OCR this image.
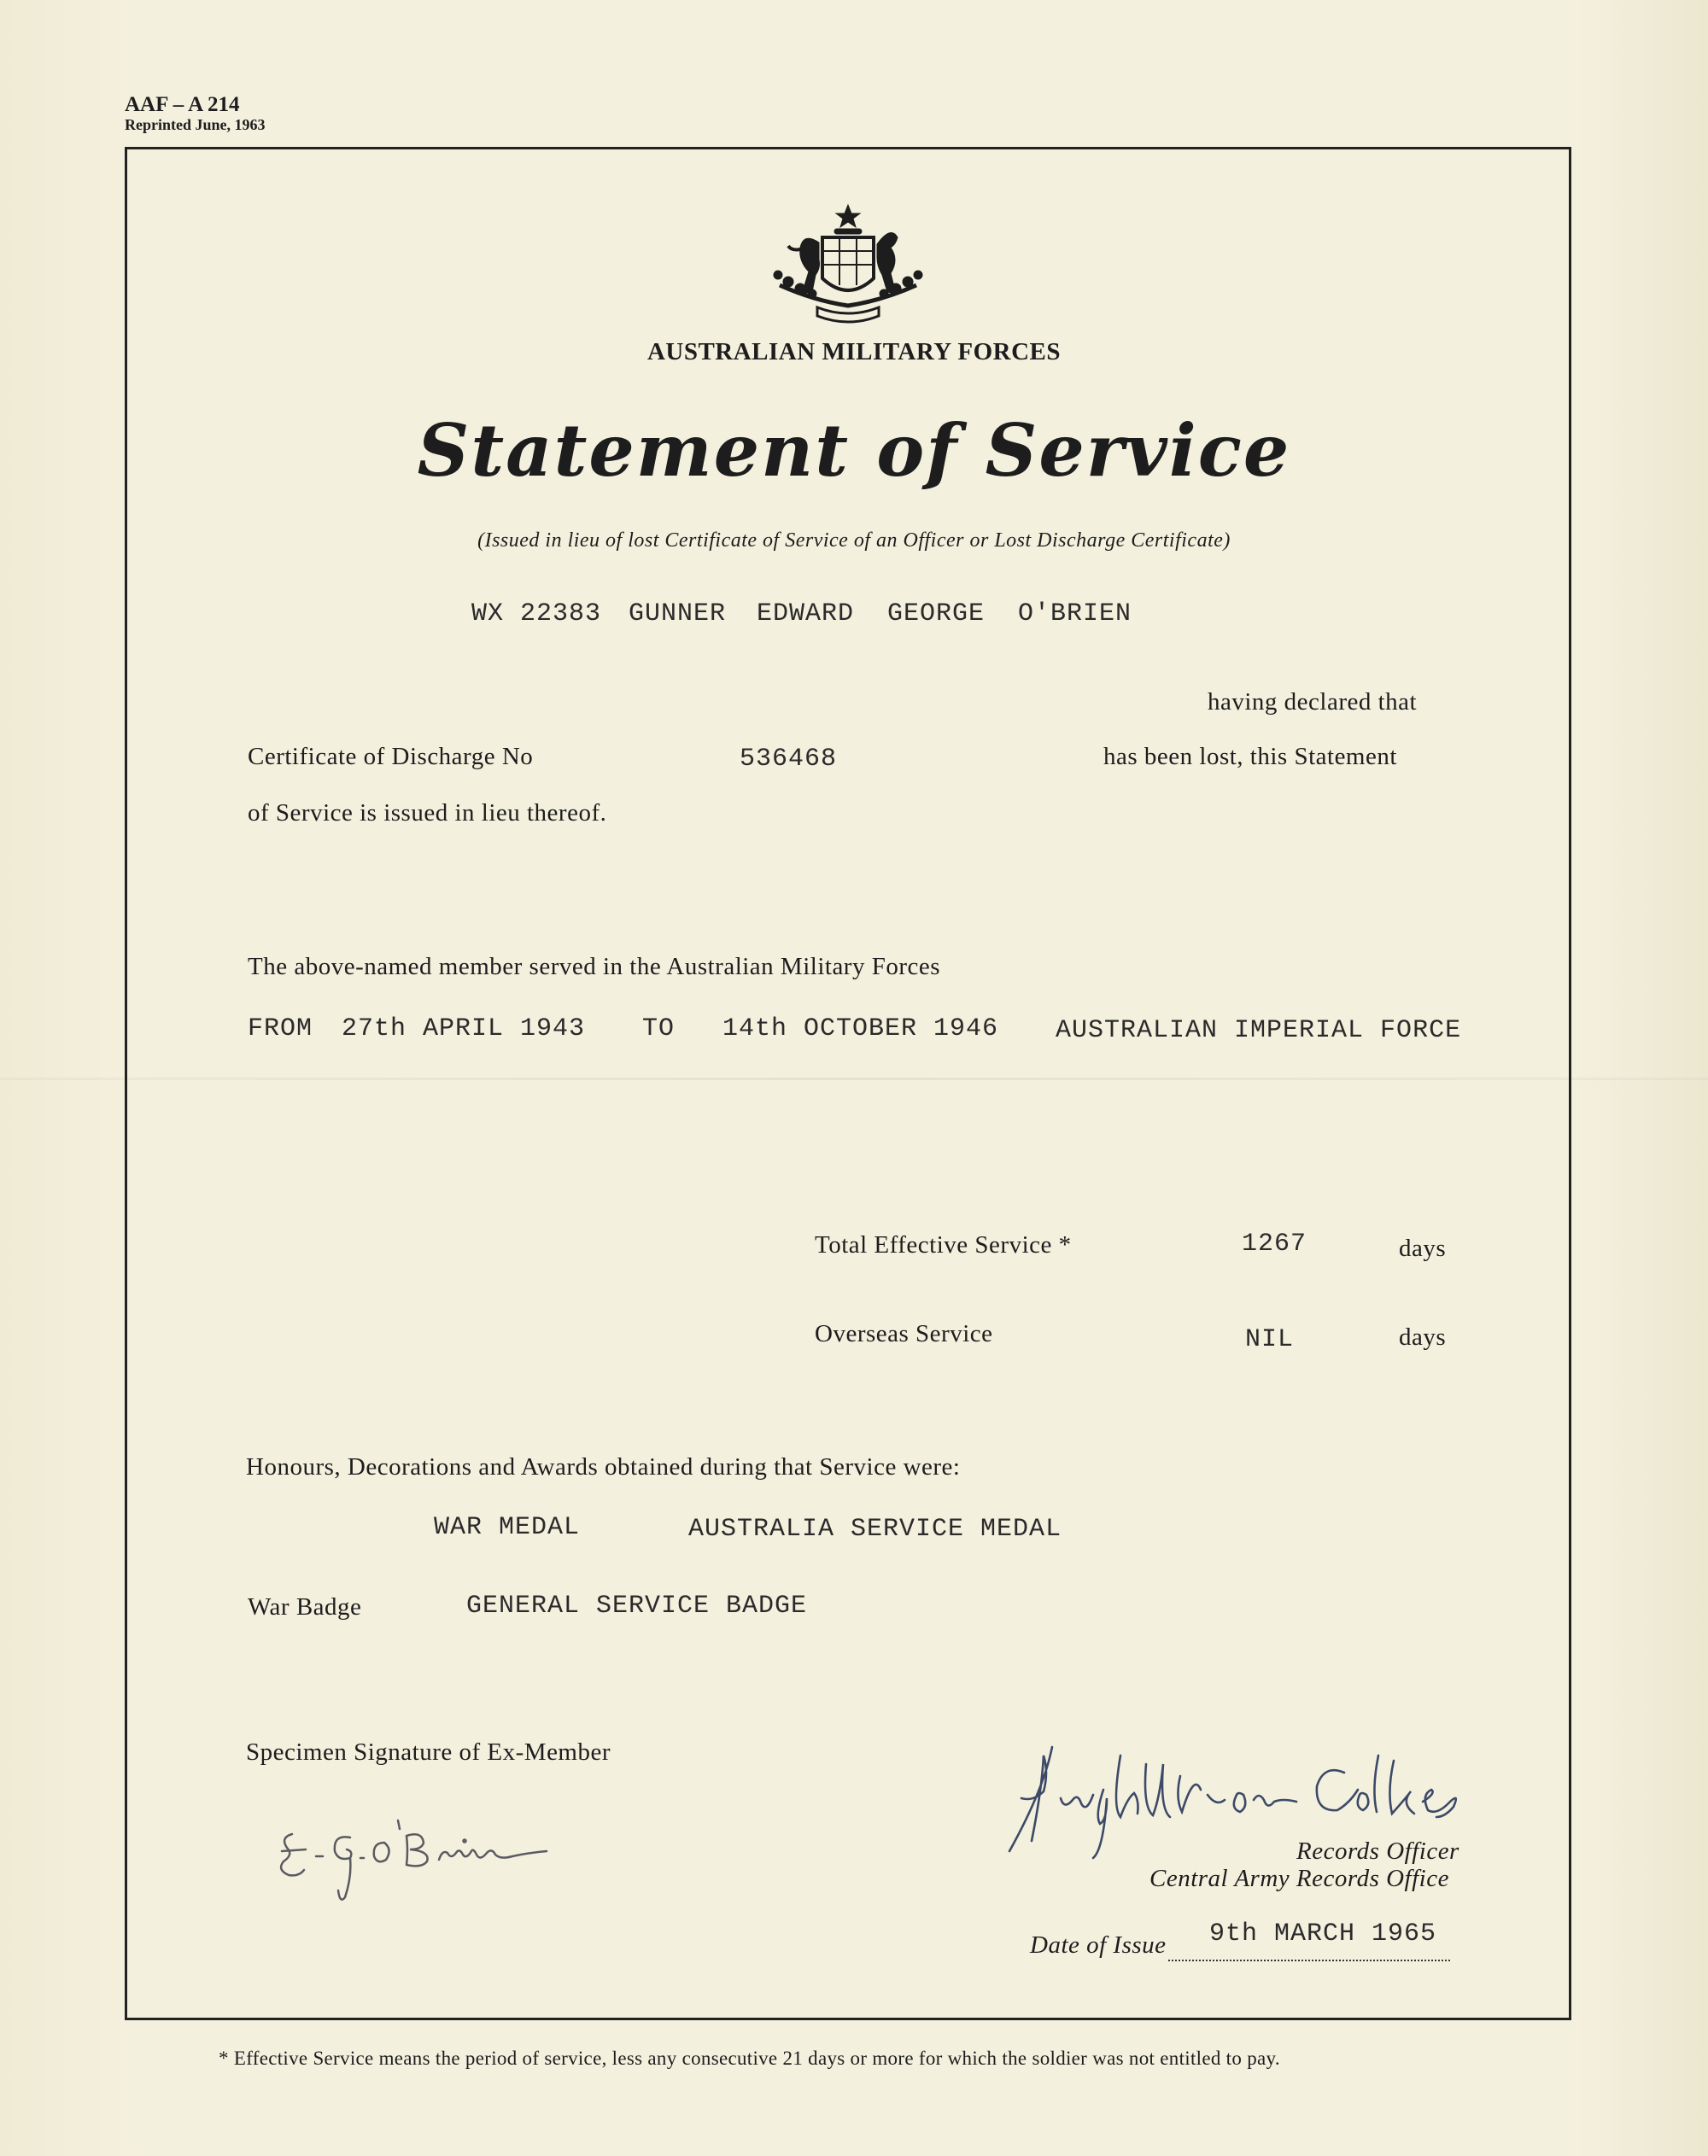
AAF – A 214
Reprinted June, 1963
AUSTRALIAN MILITARY FORCES
Statement of Service
(Issued in lieu of lost Certificate of Service of an Officer or Lost Discharge Certificate)
WX 22383 GUNNER EDWARD GEORGE O'BRIEN
having declared that
Certificate of Discharge No	536468	has been lost, this Statement
of Service is issued in lieu thereof.
The above-named member served in the Australian Military Forces
FROM 27th APRIL 1943 TO 14th OCTOBER 1946 AUSTRALIAN IMPERIAL FORCE
Total Effective Service *	1267	days
Overseas Service	NIL	days
Honours, Decorations and Awards obtained during that Service were:
WAR MEDAL	AUSTRALIA SERVICE MEDAL
War Badge	GENERAL SERVICE BADGE
Specimen Signature of Ex-Member
Records Officer
Central Army Records Office
Date of Issue 9th MARCH 1965
* Effective Service means the period of service, less any consecutive 21 days or more for which the soldier was not entitled to pay.
